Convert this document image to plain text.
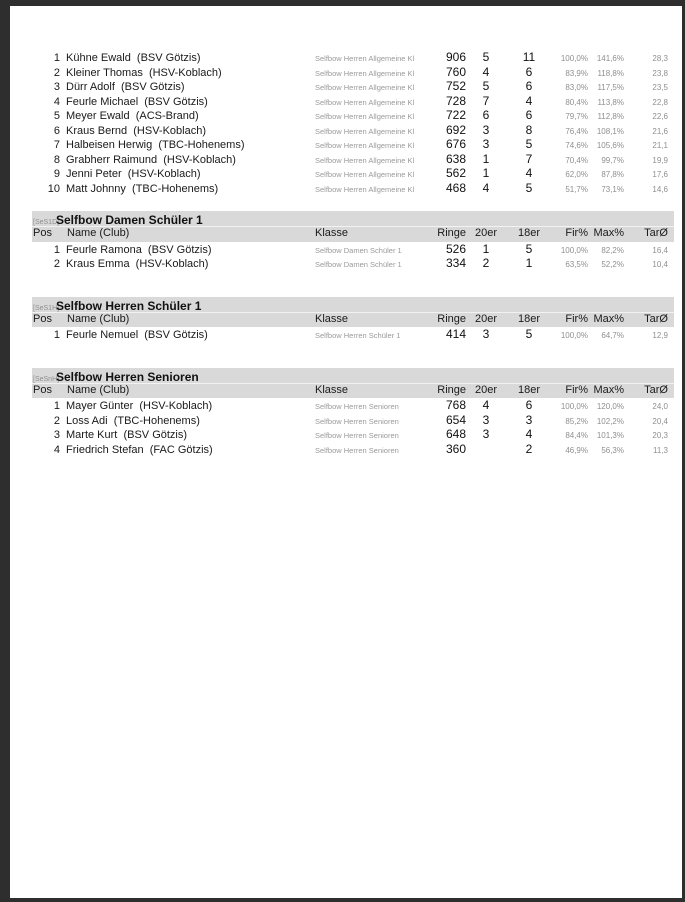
1	Kühne Ewald  (BSV Götzis)	Selfbow Herren Allgemeine Kl	906	5	11	100,0%	141,6%	28,3
2	Kleiner Thomas  (HSV-Koblach)	Selfbow Herren Allgemeine Kl	760	4	6	83,9%	118,8%	23,8
3	Dürr Adolf  (BSV Götzis)	Selfbow Herren Allgemeine Kl	752	5	6	83,0%	117,5%	23,5
4	Feurle Michael  (BSV Götzis)	Selfbow Herren Allgemeine Kl	728	7	4	80,4%	113,8%	22,8
5	Meyer Ewald  (ACS-Brand)	Selfbow Herren Allgemeine Kl	722	6	6	79,7%	112,8%	22,6
6	Kraus Bernd  (HSV-Koblach)	Selfbow Herren Allgemeine Kl	692	3	8	76,4%	108,1%	21,6
7	Halbeisen Herwig  (TBC-Hohenems)	Selfbow Herren Allgemeine Kl	676	3	5	74,6%	105,6%	21,1
8	Grabherr Raimund  (HSV-Koblach)	Selfbow Herren Allgemeine Kl	638	1	7	70,4%	99,7%	19,9
9	Jenni Peter  (HSV-Koblach)	Selfbow Herren Allgemeine Kl	562	1	4	62,0%	87,8%	17,6
10	Matt Johnny  (TBC-Hohenems)	Selfbow Herren Allgemeine Kl	468	4	5	51,7%	73,1%	14,6
[SeS1D]
Selfbow Damen Schüler 1
Pos	Name (Club)	Klasse	Ringe	20er	18er	Fir%	Max%	TarØ
1	Feurle Ramona  (BSV Götzis)	Selfbow Damen Schüler 1	526	1	5	100,0%	82,2%	16,4
2	Kraus Emma  (HSV-Koblach)	Selfbow Damen Schüler 1	334	2	1	63,5%	52,2%	10,4
[SeS1H]
Selfbow Herren Schüler 1
Pos	Name (Club)	Klasse	Ringe	20er	18er	Fir%	Max%	TarØ
1	Feurle Nemuel  (BSV Götzis)	Selfbow Herren Schüler 1	414	3	5	100,0%	64,7%	12,9
[SeSnH]
Selfbow Herren Senioren
Pos	Name (Club)	Klasse	Ringe	20er	18er	Fir%	Max%	TarØ
1	Mayer Günter  (HSV-Koblach)	Selfbow Herren Senioren	768	4	6	100,0%	120,0%	24,0
2	Loss Adi  (TBC-Hohenems)	Selfbow Herren Senioren	654	3	3	85,2%	102,2%	20,4
3	Marte Kurt  (BSV Götzis)	Selfbow Herren Senioren	648	3	4	84,4%	101,3%	20,3
4	Friedrich Stefan  (FAC Götzis)	Selfbow Herren Senioren	360		2	46,9%	56,3%	11,3
